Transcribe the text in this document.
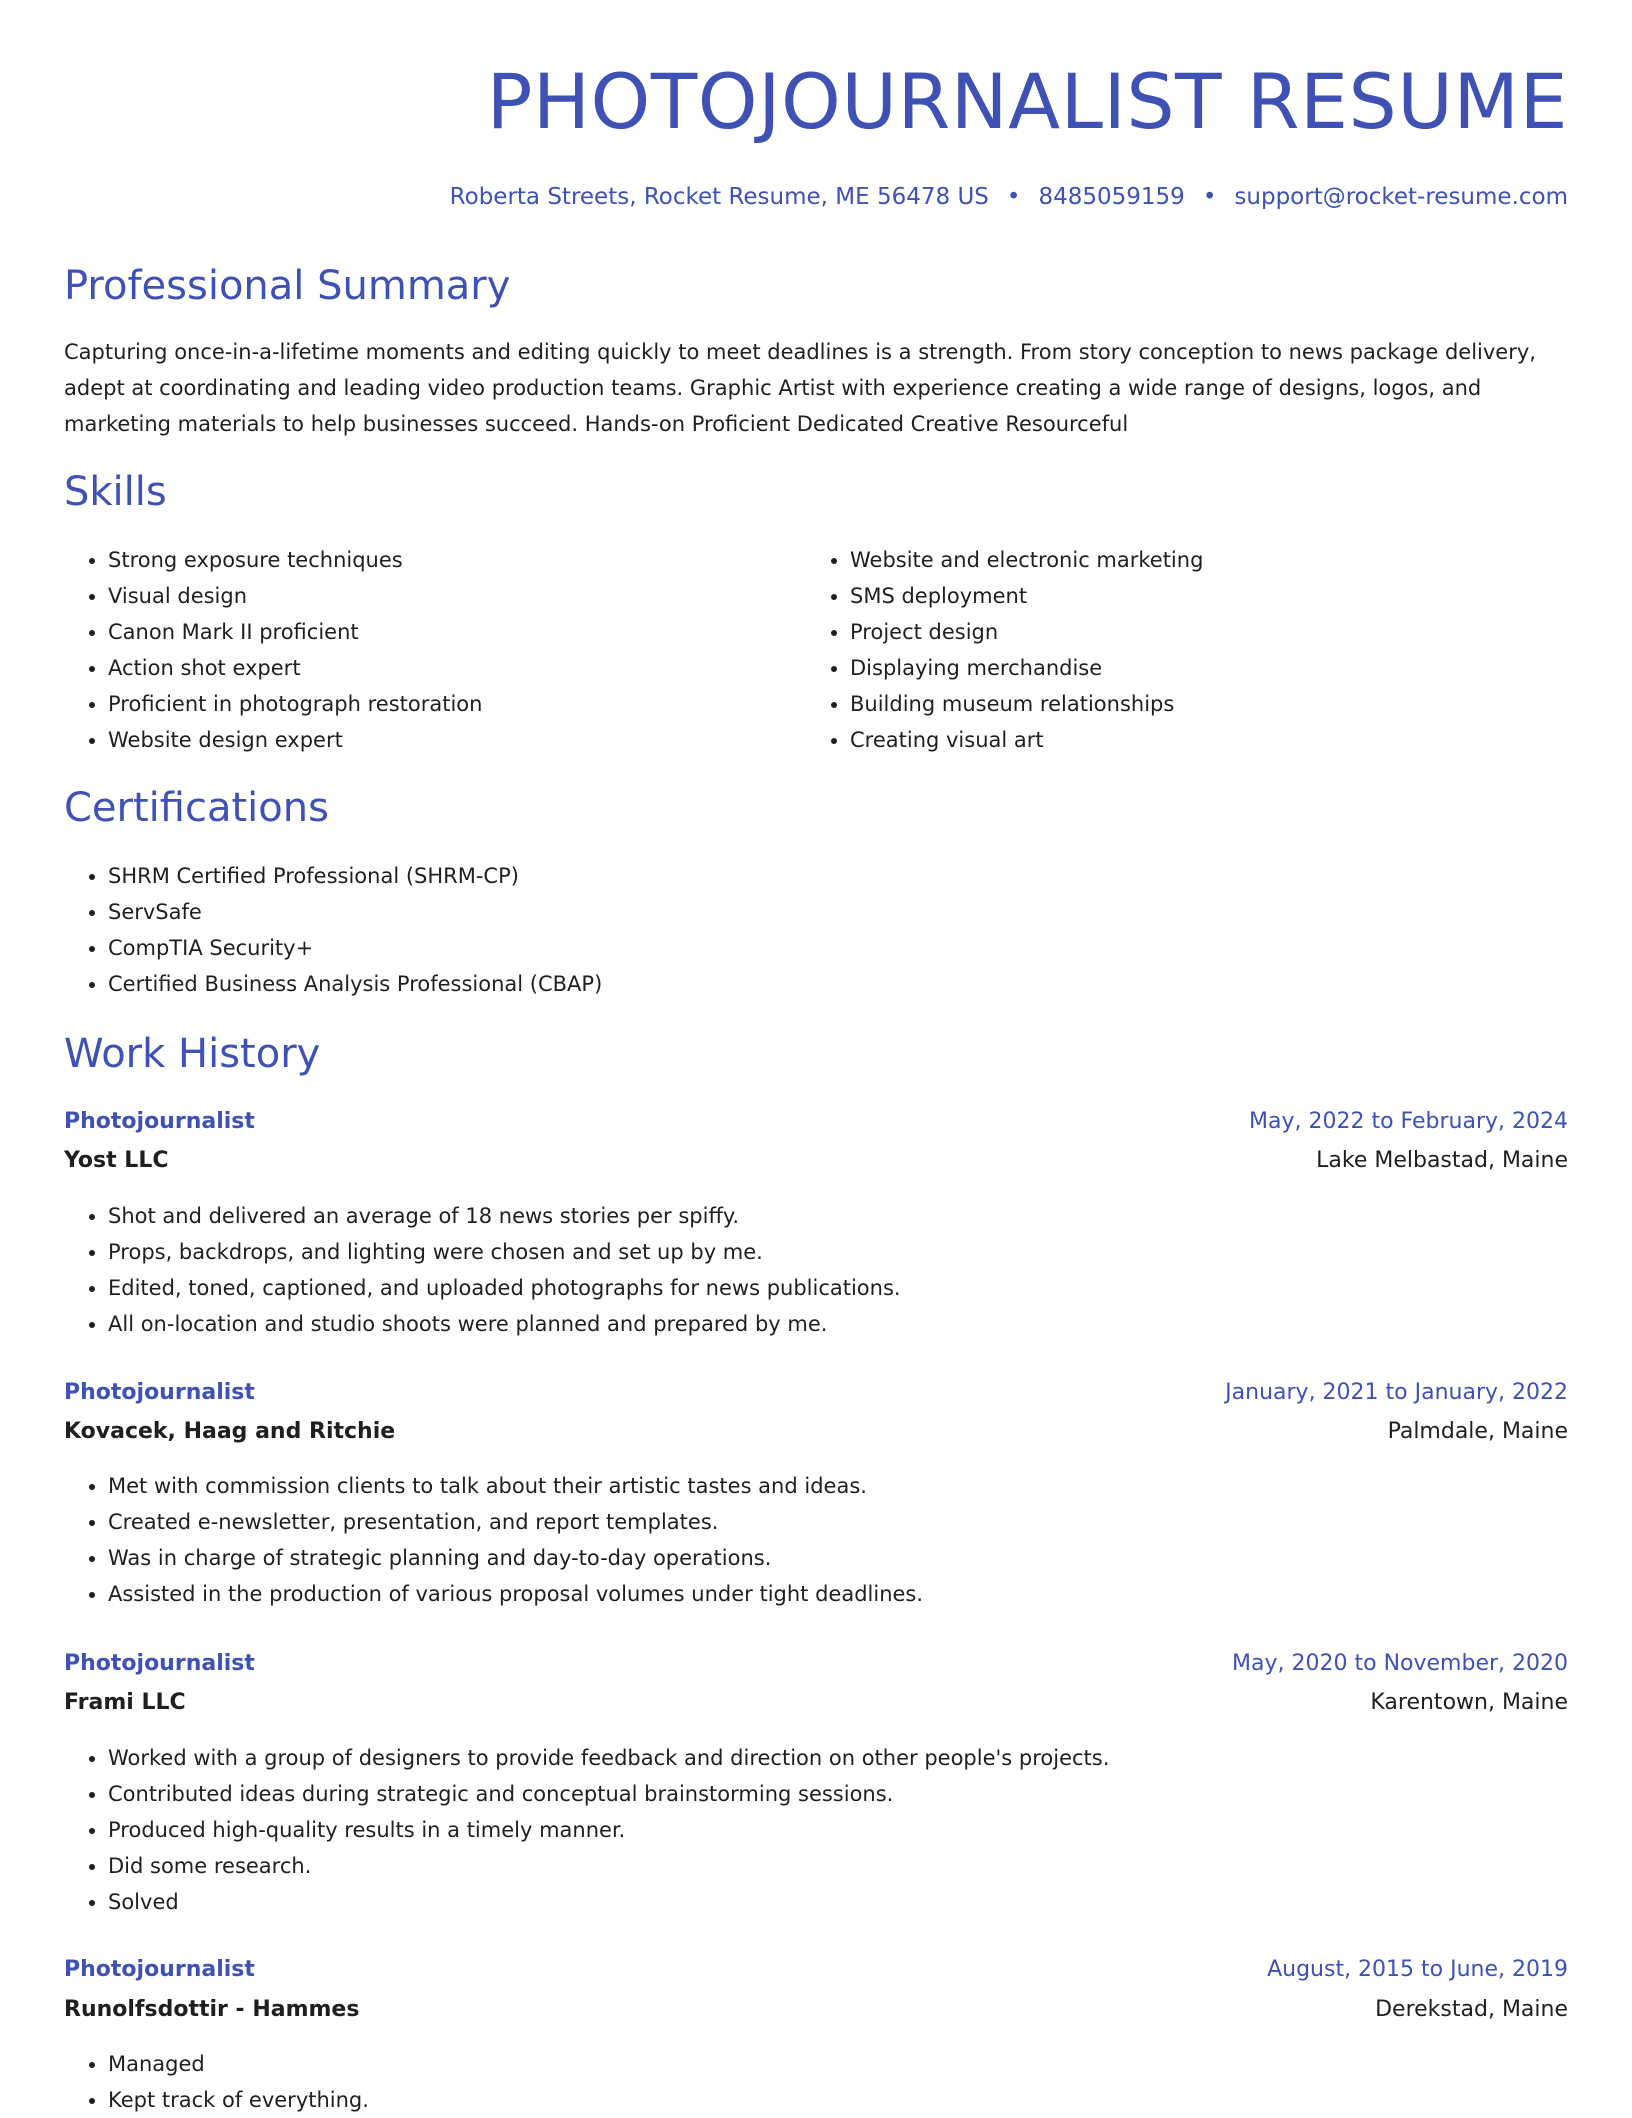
PHOTOJOURNALIST RESUME
Roberta Streets, Rocket Resume, ME 56478 US • 8485059159 • support@rocket-resume.com
Professional Summary

Capturing once-in-a-lifetime moments and editing quickly to meet deadlines is a strength. From story conception to news package delivery, adept at coordinating and leading video production teams. Graphic Artist with experience creating a wide range of designs, logos, and marketing materials to help businesses succeed. Hands-on Proficient Dedicated Creative Resourceful

Skills
• Strong exposure techniques
• Visual design
• Canon Mark II proficient
• Action shot expert
• Proficient in photograph restoration
• Website design expert
• Website and electronic marketing
• SMS deployment
• Project design
• Displaying merchandise
• Building museum relationships
• Creating visual art
Certifications
• SHRM Certified Professional (SHRM-CP)
• ServSafe
• CompTIA Security+
• Certified Business Analysis Professional (CBAP)
Work History
Photojournalist	May, 2022 to February, 2024
Yost LLC	Lake Melbastad, Maine
• Shot and delivered an average of 18 news stories per spiffy.
• Props, backdrops, and lighting were chosen and set up by me.
• Edited, toned, captioned, and uploaded photographs for news publications.
• All on-location and studio shoots were planned and prepared by me.
Photojournalist	January, 2021 to January, 2022
Kovacek, Haag and Ritchie	Palmdale, Maine
• Met with commission clients to talk about their artistic tastes and ideas.
• Created e-newsletter, presentation, and report templates.
• Was in charge of strategic planning and day-to-day operations.
• Assisted in the production of various proposal volumes under tight deadlines.
Photojournalist	May, 2020 to November, 2020
Frami LLC	Karentown, Maine
• Worked with a group of designers to provide feedback and direction on other people's projects.
• Contributed ideas during strategic and conceptual brainstorming sessions.
• Produced high-quality results in a timely manner.
• Did some research.
• Solved
Photojournalist	August, 2015 to June, 2019
Runolfsdottir - Hammes	Derekstad, Maine
• Managed
• Kept track of everything.
